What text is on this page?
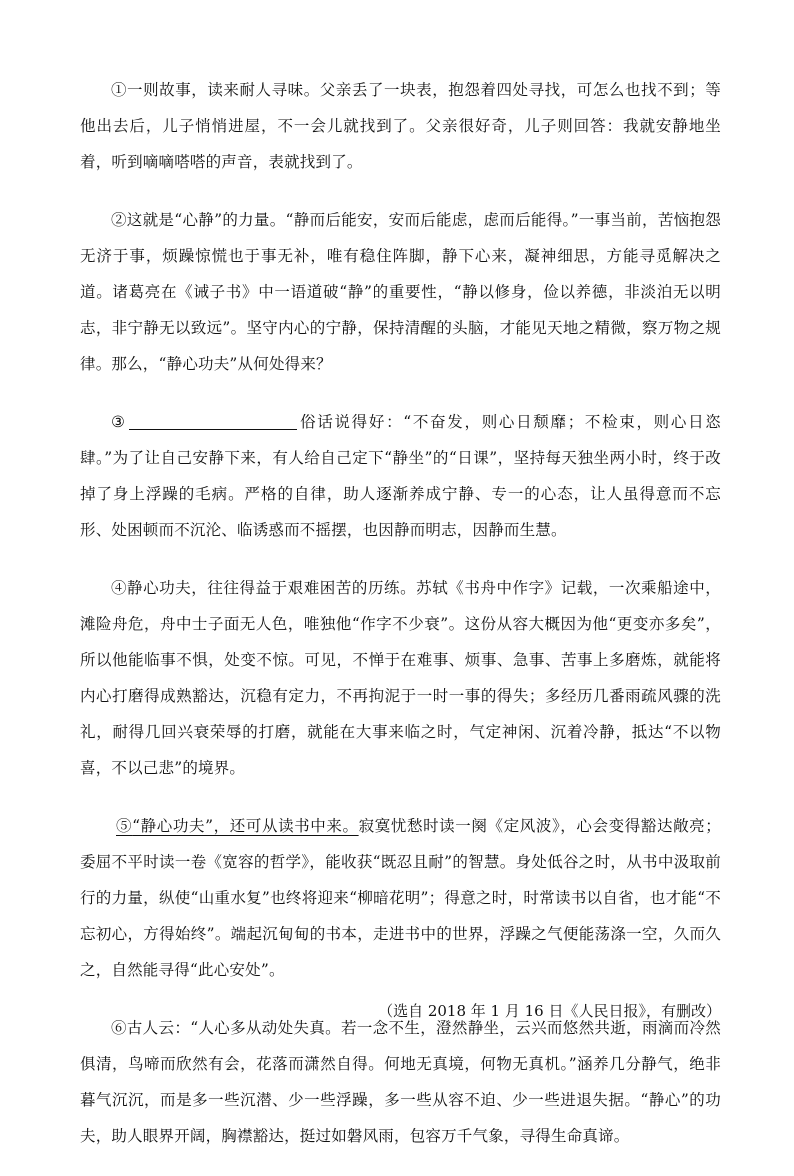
①一则故事，读来耐人寻味。父亲丢了一块表，抱怨着四处寻找，可怎么也找不到；等他出去后，儿子悄悄进屋，不一会儿就找到了。父亲很好奇，儿子则回答：我就安静地坐着，听到嘀嘀嗒嗒的声音，表就找到了。

②这就是“心静”的力量。“静而后能安，安而后能虑，虑而后能得。”一事当前，苦恼抱怨无济于事，烦躁惊慌也于事无补，唯有稳住阵脚，静下心来，凝神细思，方能寻觅解决之道。诸葛亮在《诫子书》中一语道破“静”的重要性，“静以修身，俭以养德，非淡泊无以明志，非宁静无以致远”。坚守内心的宁静，保持清醒的头脑，才能见天地之精微，察万物之规律。那么，“静心功夫”从何处得来？

③	俗话说得好：“不奋发，则心日颓靡；不检束，则心日恣肆。”为了让自己安静下来，有人给自己定下“静坐”的“日课”，坚持每天独坐两小时，终于改掉了身上浮躁的毛病。严格的自律，助人逐渐养成宁静、专一的心态，让人虽得意而不忘形、处困顿而不沉沦、临诱惑而不摇摆，也因静而明志，因静而生慧。

④静心功夫，往往得益于艰难困苦的历练。苏轼《书舟中作字》记载，一次乘船途中，滩险舟危，舟中士子面无人色，唯独他“作字不少衰”。这份从容大概因为他“更变亦多矣”，所以他能临事不惧，处变不惊。可见，不惮于在难事、烦事、急事、苦事上多磨炼，就能将内心打磨得成熟豁达，沉稳有定力，不再拘泥于一时一事的得失；多经历几番雨疏风骤的洗礼，耐得几回兴衰荣辱的打磨，就能在大事来临之时，气定神闲、沉着冷静，抵达“不以物喜，不以己悲”的境界。

⑤“静心功夫”，还可从读书中来。寂寞忧愁时读一阕《定风波》，心会变得豁达敞亮；委屈不平时读一卷《宽容的哲学》，能收获“既忍且耐”的智慧。身处低谷之时，从书中汲取前行的力量，纵使“山重水复”也终将迎来“柳暗花明”；得意之时，时常读书以自省，也才能“不忘初心，方得始终”。端起沉甸甸的书本，走进书中的世界，浮躁之气便能荡涤一空，久而久之，自然能寻得“此心安处”。

⑥古人云：“人心多从动处失真。若一念不生，澄然静坐，云兴而悠然共逝，雨滴而冷然俱清，鸟啼而欣然有会，花落而潇然自得。何地无真境，何物无真机。”涵养几分静气，绝非暮气沉沉，而是多一些沉潜、少一些浮躁，多一些从容不迫、少一些进退失据。“静心”的功夫，助人眼界开阔，胸襟豁达，挺过如磐风雨，包容万千气象，寻得生命真谛。

（选自 2018 年 1 月 16 日《人民日报》，有删改）
